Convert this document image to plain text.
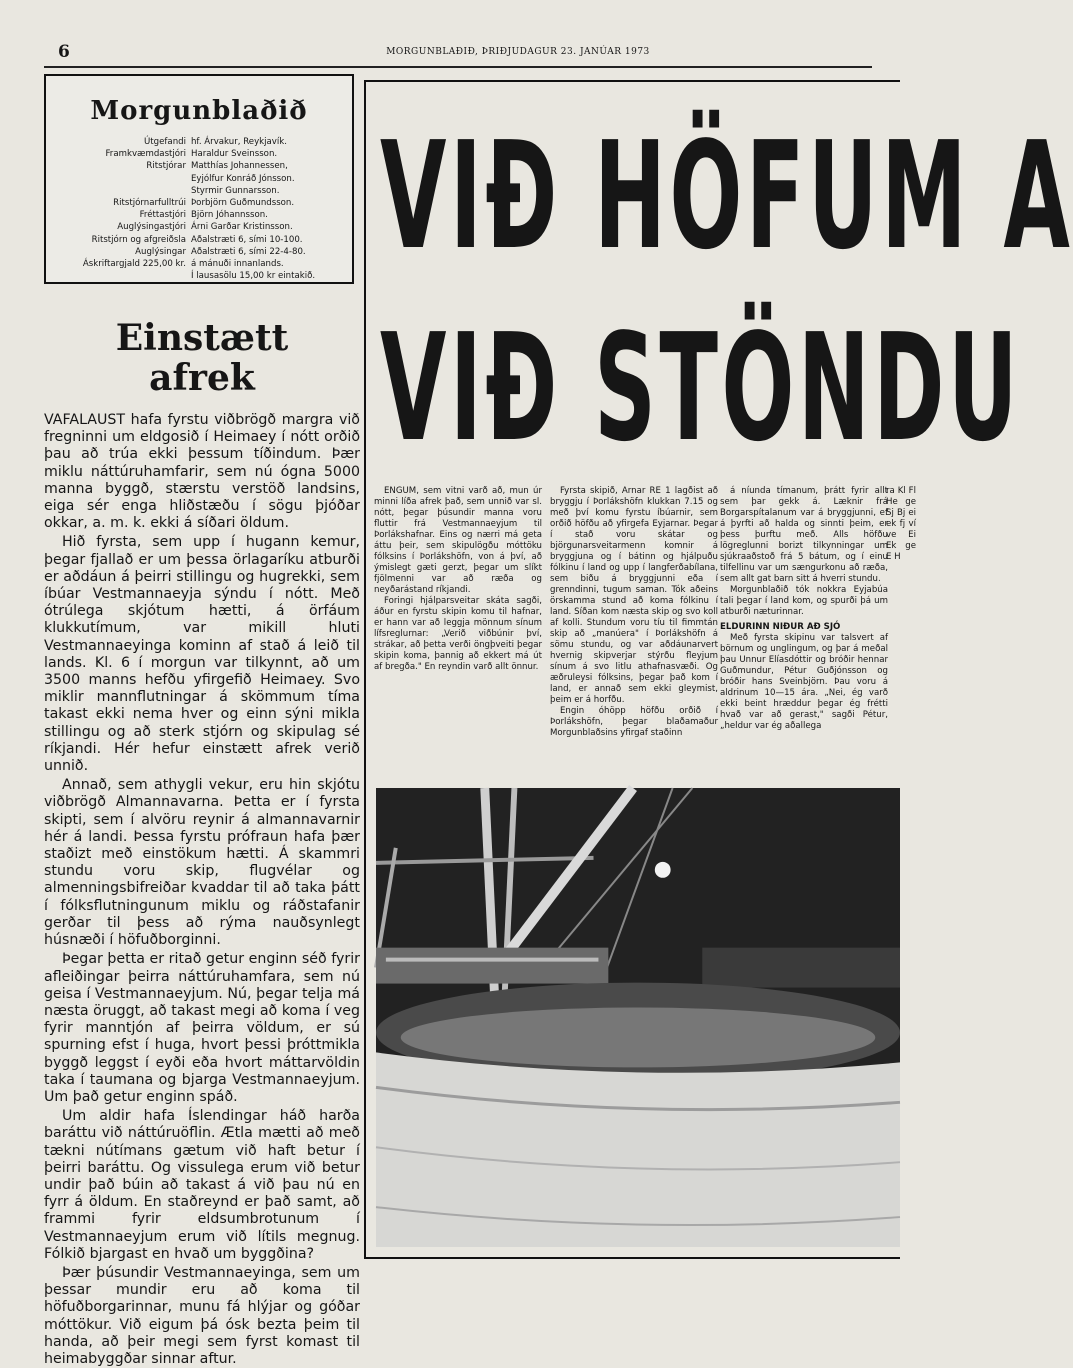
6	MORGUNBLAÐIÐ, ÞRIÐJUDAGUR 23. JANÚAR 1973
Morgunblaðið
Útgefandi	hf. Árvakur, Reykjavík.
Framkvæmdastjóri	Haraldur Sveinsson.
Ritstjórar	Matthías Johannessen,
	Eyjólfur Konráð Jónsson.
	Styrmir Gunnarsson.
Ritstjórnarfulltrúi	Þorbjörn Guðmundsson.
Fréttastjóri	Björn Jóhannsson.
Auglýsingastjóri	Árni Garðar Kristinsson.
Ritstjórn og afgreiðsla	Aðalstræti 6, sími 10-100.
Auglýsingar	Aðalstræti 6, sími 22-4-80.
Áskriftargjald 225,00 kr.	á mánuði innanlands.
	Í lausasölu 15,00 kr eintakið.
Einstætt
afrek

VAFALAUST hafa fyrstu viðbrögð margra við fregninni um eldgosið í Heimaey í nótt orðið þau að trúa ekki þessum tíðindum. Þær miklu náttúruhamfarir, sem nú ógna 5000 manna byggð, stærstu verstöð landsins, eiga sér enga hliðstæðu í sögu þjóðar okkar, a. m. k. ekki á síðari öldum.

Hið fyrsta, sem upp í hugann kemur, þegar fjallað er um þessa örlagaríku atburði er aðdáun á þeirri stillingu og hugrekki, sem íbúar Vestmannaeyja sýndu í nótt. Með ótrúlega skjótum hætti, á örfáum klukkutímum, var mikill hluti Vestmannaeyinga kominn af stað á leið til lands. Kl. 6 í morgun var tilkynnt, að um 3500 manns hefðu yfirgefið Heimaey. Svo miklir mannflutningar á skömmum tíma takast ekki nema hver og einn sýni mikla stillingu og að sterk stjórn og skipulag sé ríkjandi. Hér hefur einstætt afrek verið unnið.

Annað, sem athygli vekur, eru hin skjótu viðbrögð Almannavarna. Þetta er í fyrsta skipti, sem í alvöru reynir á almannavarnir hér á landi. Þessa fyrstu prófraun hafa þær staðizt með einstökum hætti. Á skammri stundu voru skip, flugvélar og almenningsbifreiðar kvaddar til að taka þátt í fólksflutningunum miklu og ráðstafanir gerðar til þess að rýma nauðsynlegt húsnæði í höfuðborginni.

Þegar þetta er ritað getur enginn séð fyrir afleiðingar þeirra náttúruhamfara, sem nú geisa í Vestmannaeyjum. Nú, þegar telja má næsta öruggt, að takast megi að koma í veg fyrir manntjón af þeirra völdum, er sú spurning efst í huga, hvort þessi þróttmikla byggð leggst í eyði eða hvort máttarvöldin taka í taumana og bjarga Vestmannaeyjum. Um það getur enginn spáð.

Um aldir hafa Íslendingar háð harða baráttu við náttúruöflin. Ætla mætti að með tækni nútímans gætum við haft betur í þeirri baráttu. Og vissulega erum við betur undir það búin að takast á við þau nú en fyrr á öldum. En staðreynd er það samt, að frammi fyrir eldsumbrotunum í Vestmannaeyjum erum við lítils megnug. Fólkið bjargast en hvað um byggðina?

Þær þúsundir Vestmannaeyinga, sem um þessar mundir eru að koma til höfuðborgarinnar, munu fá hlýjar og góðar móttökur. Við eigum þá ósk bezta þeim til handa, að þeir megi sem fyrst komast til heimabyggðar sinnar aftur.

VIÐ HÖFUM A
VIÐ STÖNDU

ENGUM, sem vitni varð að, mun úr minni líða afrek það, sem unnið var sl. nótt, þegar þúsundir manna voru fluttir frá Vestmannaeyjum til Þorlákshafnar. Eins og nærri má geta áttu þeir, sem skipulögðu móttöku fólksins í Þorlákshöfn, von á því, að ýmislegt gæti gerzt, þegar um slíkt fjölmenni var að ræða og neyðarástand ríkjandi.

Foringi hjálparsveitar skáta sagði, áður en fyrstu skipin komu til hafnar, er hann var að leggja mönnum sínum lífsreglurnar: „Verið viðbúnir því, strákar, að þetta verði öngþveiti þegar skipin koma, þannig að ekkert má út af bregða." En reyndin varð allt önnur.

Fyrsta skipið, Arnar RE 1 lagðist að bryggju í Þorlákshöfn klukkan 7.15 og með því komu fyrstu íbúarnir, sem orðið höfðu að yfirgefa Eyjarnar. Þegar í stað voru skátar og björgunarsveitarmenn komnir á bryggjuna og í bátinn og hjálpuðu fólkinu í land og upp í langferðabílana, sem biðu á bryggjunni eða í grenndinni, tugum saman. Tók aðeins örskamma stund að koma fólkinu í land. Síðan kom næsta skip og svo koll af kolli. Stundum voru tíu til fimmtán skip að „manúera" í Þorlákshöfn á sömu stundu, og var aðdáunarvert hvernig skipverjar stýrðu fleyjum sínum á svo litlu athafnasvæði. Og æðruleysi fólksins, þegar það kom í land, er annað sem ekki gleymist, þeim er á horfðu.

Engin óhöpp höfðu orðið í Þorlákshöfn, þegar blaðamaður Morgunblaðsins yfirgaf staðinn

á níunda tímanum, þrátt fyrir allt sem þar gekk á. Læknir frá Borgarspítalanum var á bryggjunni, ef á þyrfti að halda og sinnti þeim, er þess þurftu með. Alls höfðu lögreglunni borizt tilkynningar um sjúkraaðstoð frá 5 bátum, og í einu tilfellinu var um sængurkonu að ræða, sem allt gat barn sitt á hverri stundu.

Morgunblaðið tók nokkra Eyjabúa tali þegar í land kom, og spurði þá um atburði næturinnar.

ELDURINN NIÐUR AÐ SJÓ

Með fyrsta skipinu var talsvert af börnum og unglingum, og þar á meðal þau Unnur Elíasdóttir og bróðir hennar Guðmundur, Pétur Guðjónsson og bróðir hans Sveinbjörn. Þau voru á aldrinum 10—15 ára. „Nei, ég varð ekki beint hræddur þegar ég frétti hvað var að gerast," sagði Pétur, „heldur var ég aðallega

ra Kl Fl He ge Sj Bj ei ek fj ví ve Ei Ek ge E H
